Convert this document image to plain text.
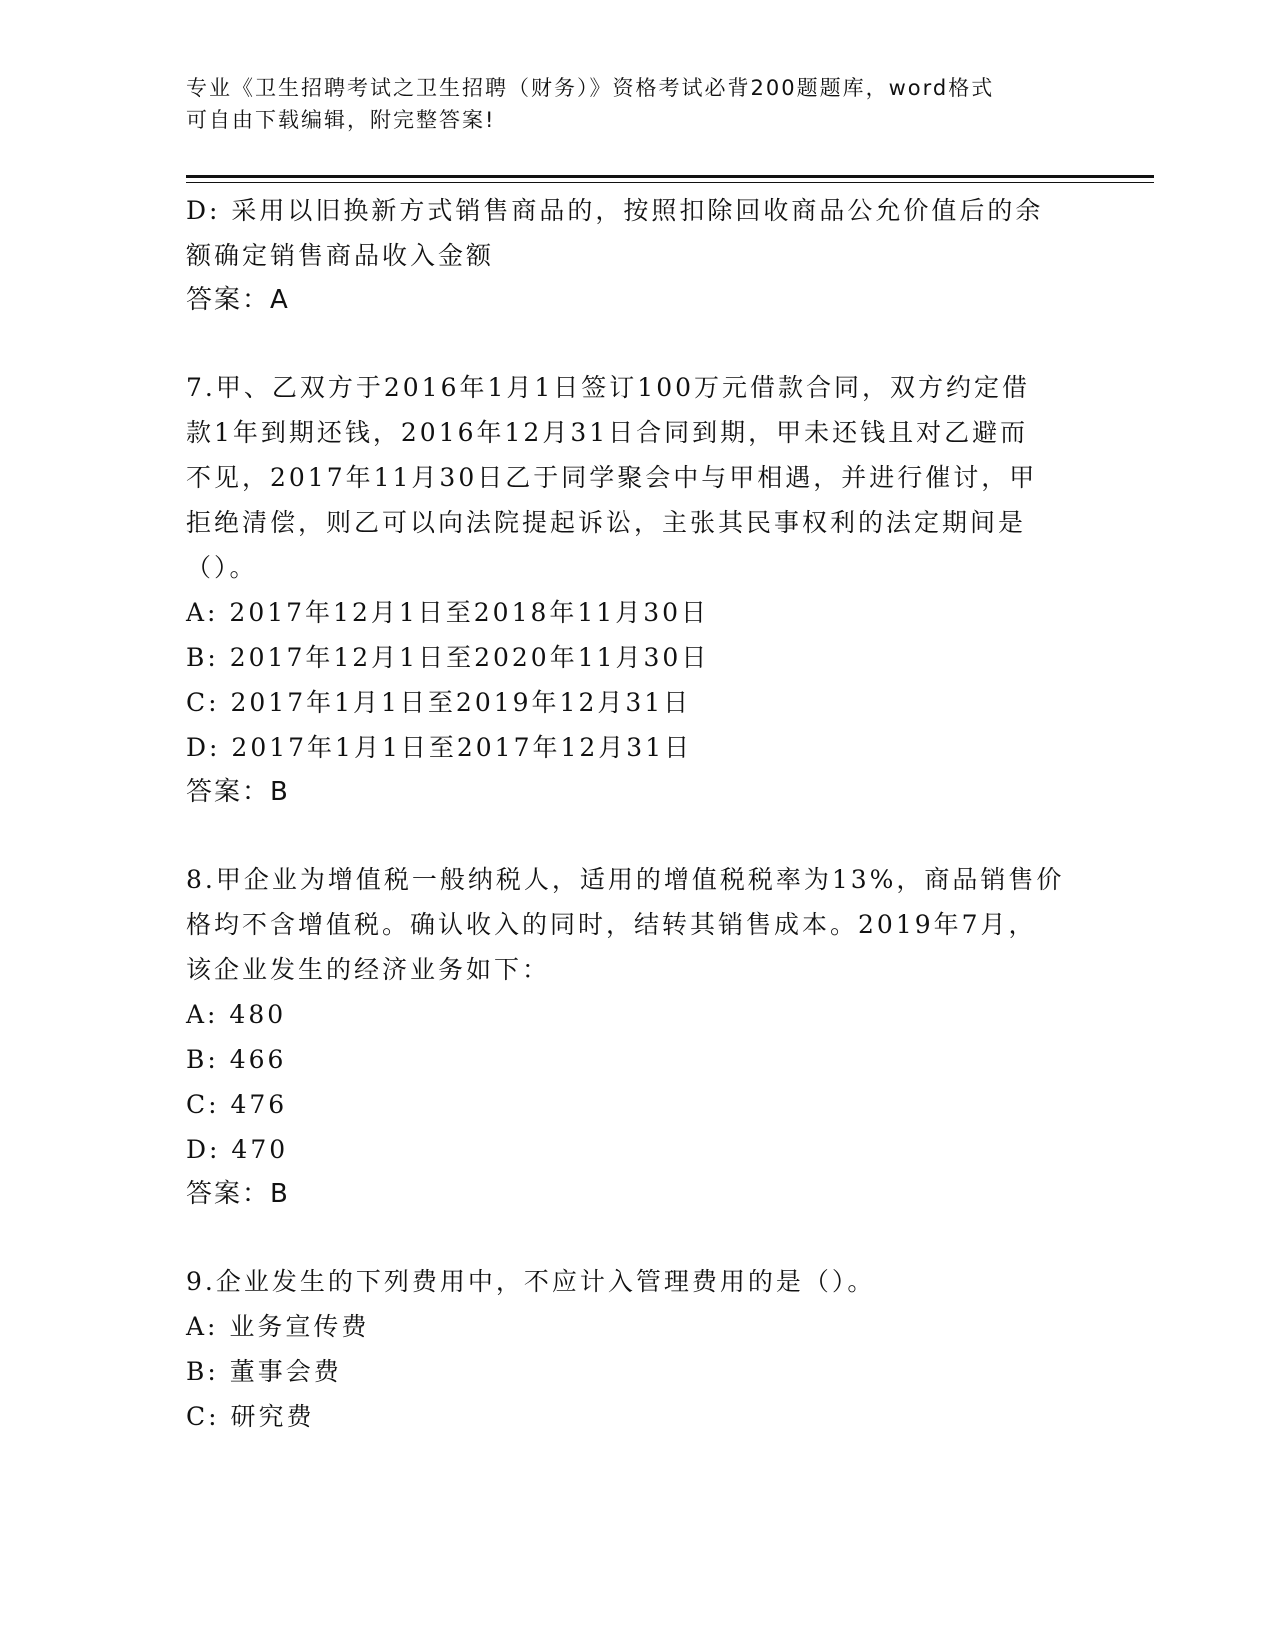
专业《卫生招聘考试之卫生招聘（财务）》资格考试必背200题题库，word格式
可自由下载编辑，附完整答案!
D: 采用以旧换新方式销售商品的，按照扣除回收商品公允价值后的余
额确定销售商品收入金额
答案：A
7.甲、乙双方于2016年1月1日签订100万元借款合同，双方约定借
款1年到期还钱，2016年12月31日合同到期，甲未还钱且对乙避而
不见，2017年11月30日乙于同学聚会中与甲相遇，并进行催讨，甲
拒绝清偿，则乙可以向法院提起诉讼，主张其民事权利的法定期间是
（）。
A: 2017年12月1日至2018年11月30日
B: 2017年12月1日至2020年11月30日
C: 2017年1月1日至2019年12月31日
D: 2017年1月1日至2017年12月31日
答案：B
8.甲企业为增值税一般纳税人，适用的增值税税率为13%，商品销售价
格均不含增值税。确认收入的同时，结转其销售成本。2019年7月，
该企业发生的经济业务如下：
A: 480
B: 466
C: 476
D: 470
答案：B
9.企业发生的下列费用中，不应计入管理费用的是（）。
A: 业务宣传费
B: 董事会费
C: 研究费
